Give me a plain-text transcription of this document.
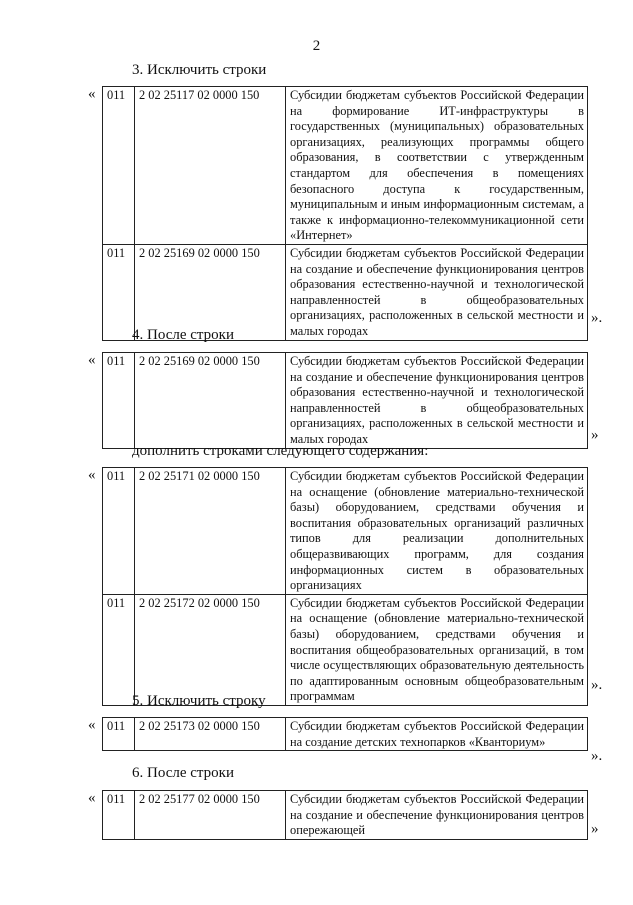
2
3. Исключить строки
« 011	2 02 25117 02 0000 150	Субсидии бюджетам субъектов Российской Федерации на формирование ИТ-инфраструктуры в государственных (муниципальных) образовательных организациях, реализующих программы общего образования, в соответствии с утвержденным стандартом для обеспечения в помещениях безопасного доступа к государственным, муниципальным и иным информационным системам, а также к информационно-телекоммуникационной сети «Интернет»
011	2 02 25169 02 0000 150	Субсидии бюджетам субъектов Российской Федерации на создание и обеспечение функционирования центров образования естественно-научной и технологической направленностей в общеобразовательных организациях, расположенных в сельской местности и малых городах
».
4. После строки
« 011	2 02 25169 02 0000 150	Субсидии бюджетам субъектов Российской Федерации на создание и обеспечение функционирования центров образования естественно-научной и технологической направленностей в общеобразовательных организациях, расположенных в сельской местности и малых городах	»
дополнить строками следующего содержания:
« 011	2 02 25171 02 0000 150	Субсидии бюджетам субъектов Российской Федерации на оснащение (обновление материально-технической базы) оборудованием, средствами обучения и воспитания образовательных организаций различных типов для реализации дополнительных общеразвивающих программ, для создания информационных систем в образовательных организациях
011	2 02 25172 02 0000 150	Субсидии бюджетам субъектов Российской Федерации на оснащение (обновление материально-технической базы) оборудованием, средствами обучения и воспитания общеобразовательных организаций, в том числе осуществляющих образовательную деятельность по адаптированным основным общеобразовательным программам
».
5. Исключить строку
« 011	2 02 25173 02 0000 150	Субсидии бюджетам субъектов Российской Федерации на создание детских технопарков «Кванториум»
».
6. После строки
« 011	2 02 25177 02 0000 150	Субсидии бюджетам субъектов Российской Федерации на создание и обеспечение функционирования центров опережающей	»
